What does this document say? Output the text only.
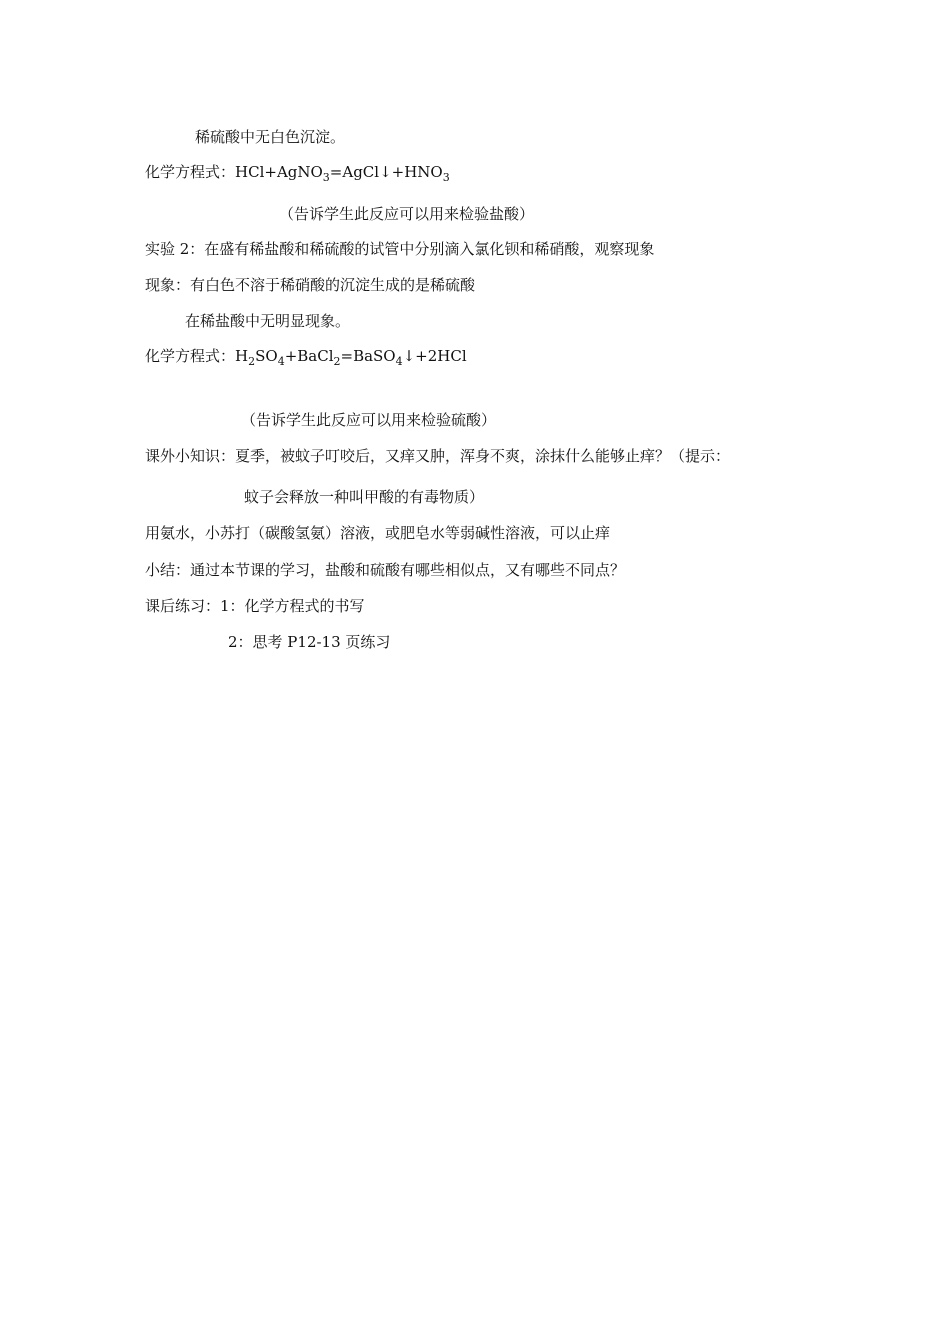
稀硫酸中无白色沉淀。
化学方程式：$HCl+AgNO_3=AgCl↓+HNO_3$
（告诉学生此反应可以用来检验盐酸）
实验 2：在盛有稀盐酸和稀硫酸的试管中分别滴入氯化钡和稀硝酸，观察现象
现象：有白色不溶于稀硝酸的沉淀生成的是稀硫酸
在稀盐酸中无明显现象。
化学方程式：$H_2SO_4+BaCl_2=BaSO_4↓+2HCl$
（告诉学生此反应可以用来检验硫酸）
课外小知识：夏季，被蚊子叮咬后，又痒又肿，浑身不爽，涂抹什么能够止痒？（提示：
蚊子会释放一种叫甲酸的有毒物质）
用氨水，小苏打（碳酸氢氨）溶液，或肥皂水等弱碱性溶液，可以止痒
小结：通过本节课的学习，盐酸和硫酸有哪些相似点，又有哪些不同点？
课后练习：1：化学方程式的书写
2：思考 P12-13 页练习
